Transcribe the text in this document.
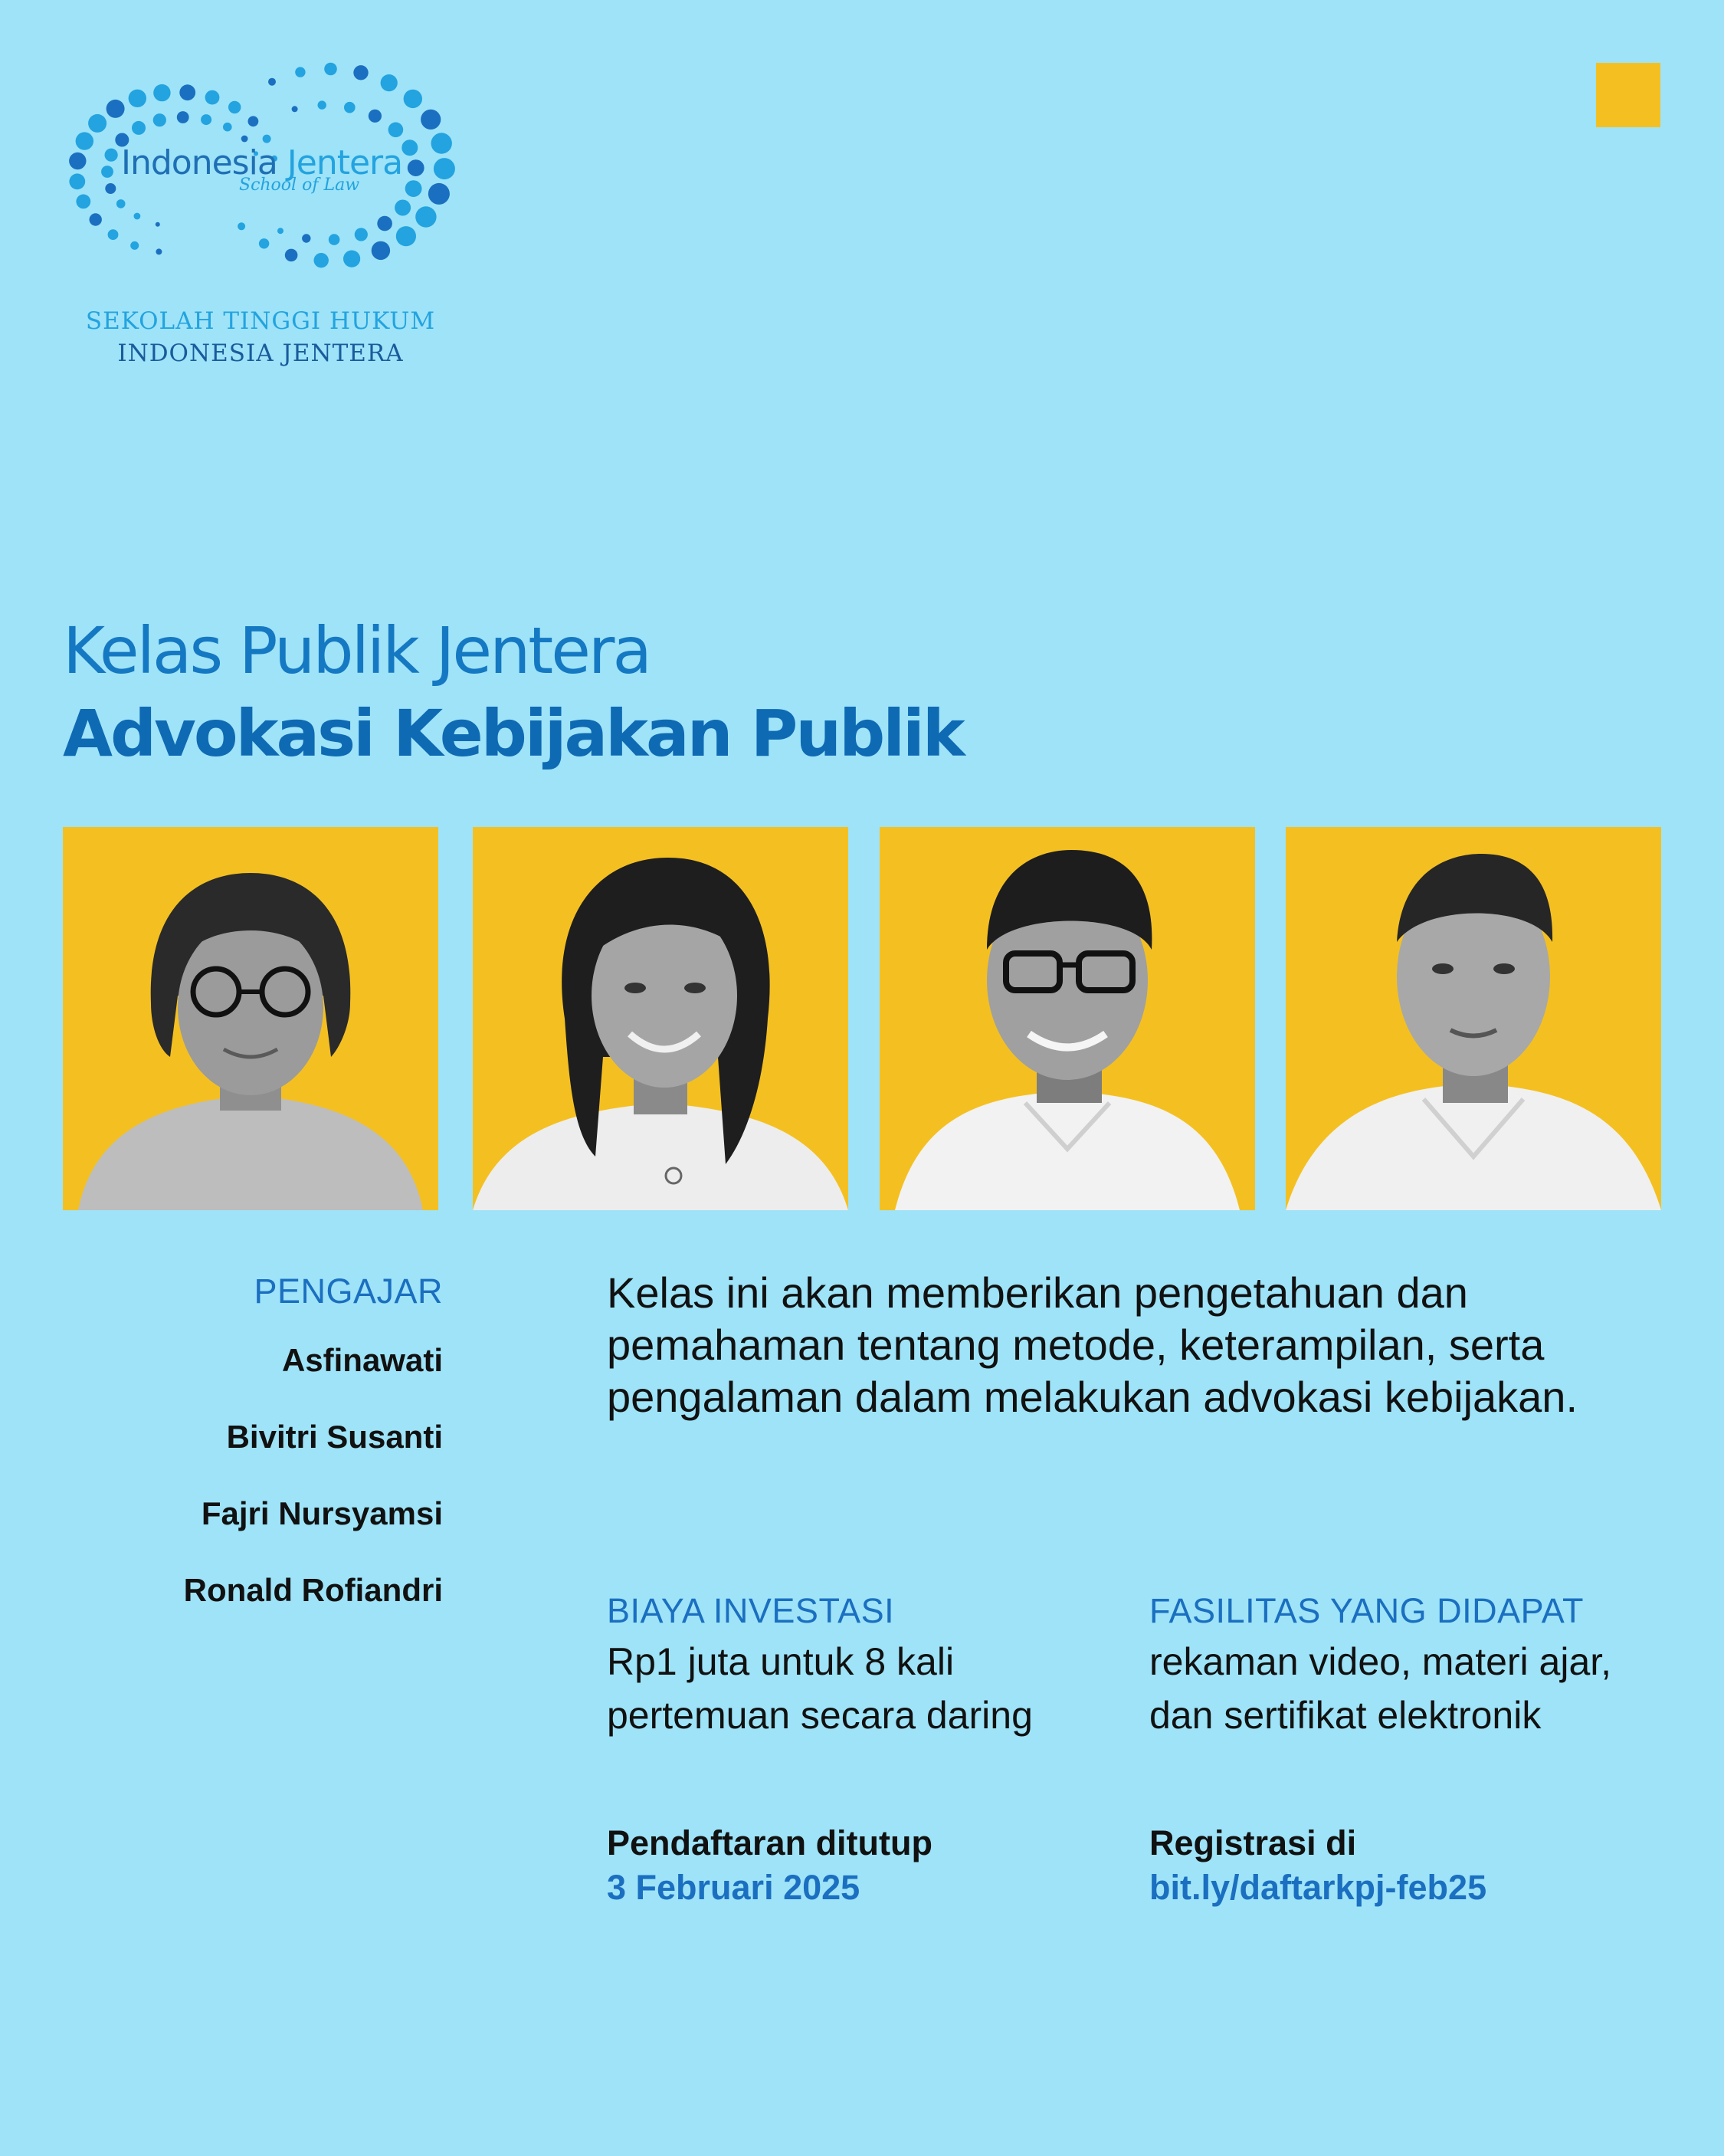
Indonesia Jentera
School of Law
SEKOLAH TINGGI HUKUM
INDONESIA JENTERA
Kelas Publik Jentera
Advokasi Kebijakan Publik
PENGAJAR
Asfinawati
Bivitri Susanti
Fajri Nursyamsi
Ronald Rofiandri
Kelas ini akan memberikan pengetahuan dan pemahaman tentang metode, keterampilan, serta pengalaman dalam melakukan advokasi kebijakan.
BIAYA INVESTASI
Rp1 juta untuk 8 kali pertemuan secara daring
FASILITAS YANG DIDAPAT
rekaman video, materi ajar, dan sertifikat elektronik
Pendaftaran ditutup
3 Februari 2025
Registrasi di
bit.ly/daftarkpj-feb25
